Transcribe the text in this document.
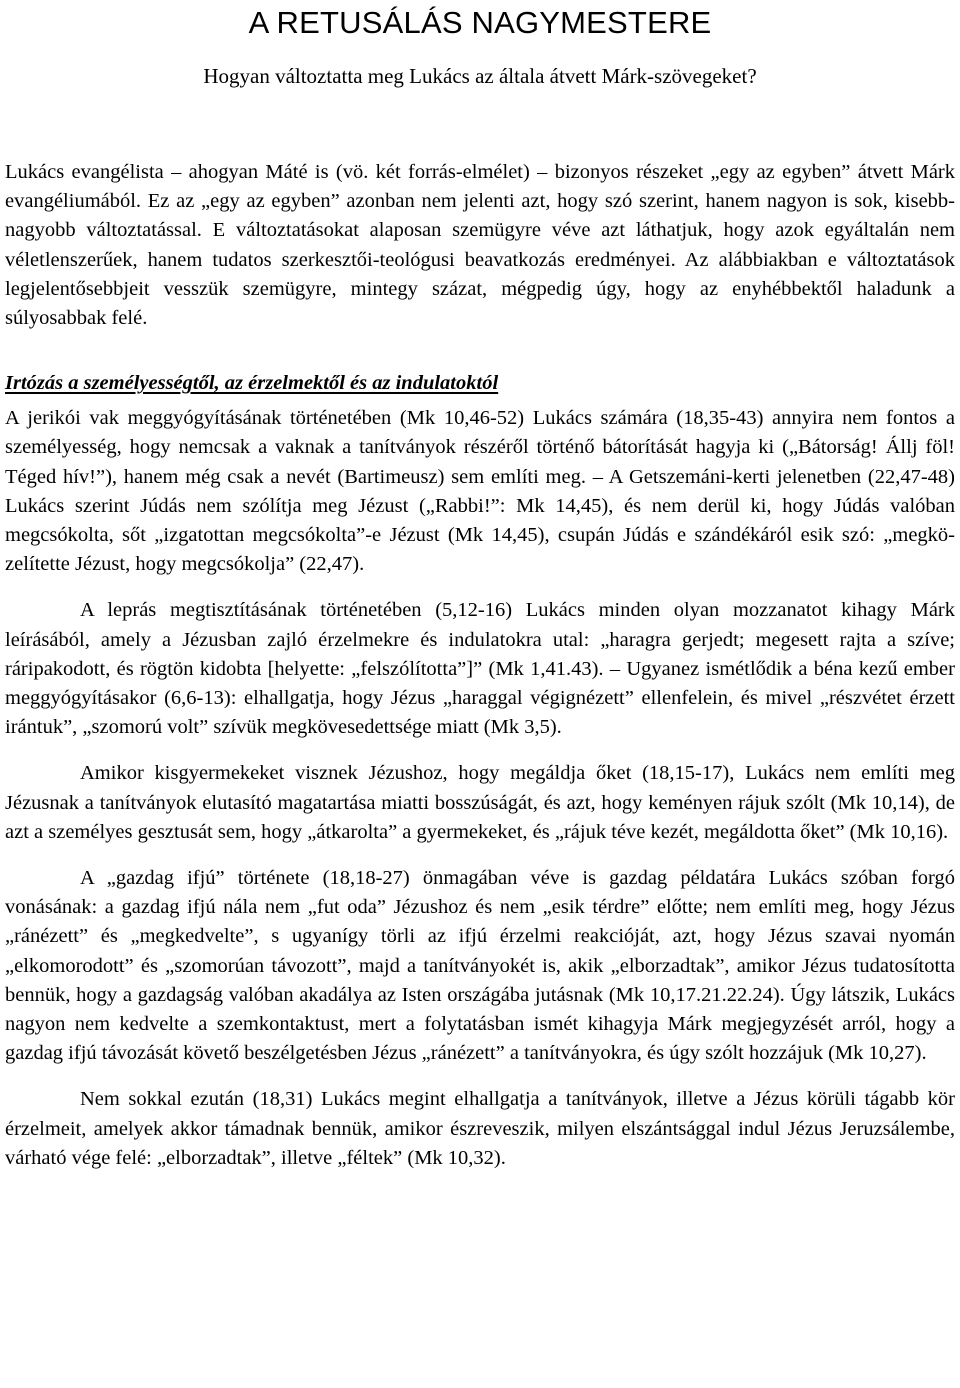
A RETUSÁLÁS NAGYMESTERE

Hogyan változtatta meg Lukács az általa átvett Márk-szövegeket?

Lukács evangélista – ahogyan Máté is (vö. két forrás-elmélet) – bizonyos részeket „egy az egyben” átvett Márk evangéliumából. Ez az „egy az egyben” azonban nem jelenti azt, hogy szó szerint, hanem nagyon is sok, kisebb-nagyobb változtatással. E változtatásokat alaposan szemügyre véve azt láthatjuk, hogy azok egyáltalán nem véletlenszerűek, hanem tudatos szerkesztői-teológusi beavatkozás eredményei. Az alábbiakban e változtatások legjelentősebbjeit vesszük szemügyre, mintegy százat, mégpedig úgy, hogy az enyhébbektől haladunk a súlyosabbak felé.

Irtózás a személyességtől, az érzelmektől és az indulatoktól

A jerikói vak meggyógyításának történetében (Mk 10,46-52) Lukács számára (18,35-43) annyira nem fontos a személyesség, hogy nemcsak a vaknak a tanítványok részéről történő bátorítását hagyja ki („Bátorság! Állj föl! Téged hív!”), hanem még csak a nevét (Bartimeusz) sem említi meg. – A Getszemáni-kerti jelenetben (22,47-48) Lukács szerint Júdás nem szólítja meg Jézust („Rabbi!”: Mk 14,45), és nem derül ki, hogy Júdás valóban megcsókolta, sőt „izgatottan megcsókolta”-e Jézust (Mk 14,45), csupán Júdás e szándékáról esik szó: „megközelítette Jézust, hogy megcsókolja” (22,47).

A leprás megtisztításának történetében (5,12-16) Lukács minden olyan mozzanatot kihagy Márk leírásából, amely a Jézusban zajló érzelmekre és indulatokra utal: „haragra gerjedt; megesett rajta a szíve; ráripakodott, és rögtön kidobta [helyette: „felszólította”]” (Mk 1,41.43). – Ugyanez ismétlődik a béna kezű ember meggyógyításakor (6,6-13): elhallgatja, hogy Jézus „haraggal végignézett” ellenfelein, és mivel „részvétet érzett irántuk”, „szomorú volt” szívük megkövesedettsége miatt (Mk 3,5).

Amikor kisgyermekeket visznek Jézushoz, hogy megáldja őket (18,15-17), Lukács nem említi meg Jézusnak a tanítványok elutasító magatartása miatti bosszúságát, és azt, hogy keményen rájuk szólt (Mk 10,14), de azt a személyes gesztusát sem, hogy „átkarolta” a gyermekeket, és „rájuk téve kezét, megáldotta őket” (Mk 10,16).

A „gazdag ifjú” története (18,18-27) önmagában véve is gazdag példatára Lukács szóban forgó vonásának: a gazdag ifjú nála nem „fut oda” Jézushoz és nem „esik térdre” előtte; nem említi meg, hogy Jézus „ránézett” és „megkedvelte”, s ugyanígy törli az ifjú érzelmi reakcióját, azt, hogy Jézus szavai nyomán „elkomorodott” és „szomorúan távozott”, majd a tanítványokét is, akik „elborzadtak”, amikor Jézus tudatosította bennük, hogy a gazdagság valóban akadálya az Isten országába jutásnak (Mk 10,17.21.22.24). Úgy látszik, Lukács nagyon nem kedvelte a szemkontaktust, mert a folytatásban ismét kihagyja Márk megjegyzését arról, hogy a gazdag ifjú távozását követő beszélgetésben Jézus „ránézett” a tanítványokra, és úgy szólt hozzájuk (Mk 10,27).

Nem sokkal ezután (18,31) Lukács megint elhallgatja a tanítványok, illetve a Jézus körüli tágabb kör érzelmeit, amelyek akkor támadnak bennük, amikor észreveszik, milyen elszántsággal indul Jézus Jeruzsálembe, várható vége felé: „elborzadtak”, illetve „féltek” (Mk 10,32).
